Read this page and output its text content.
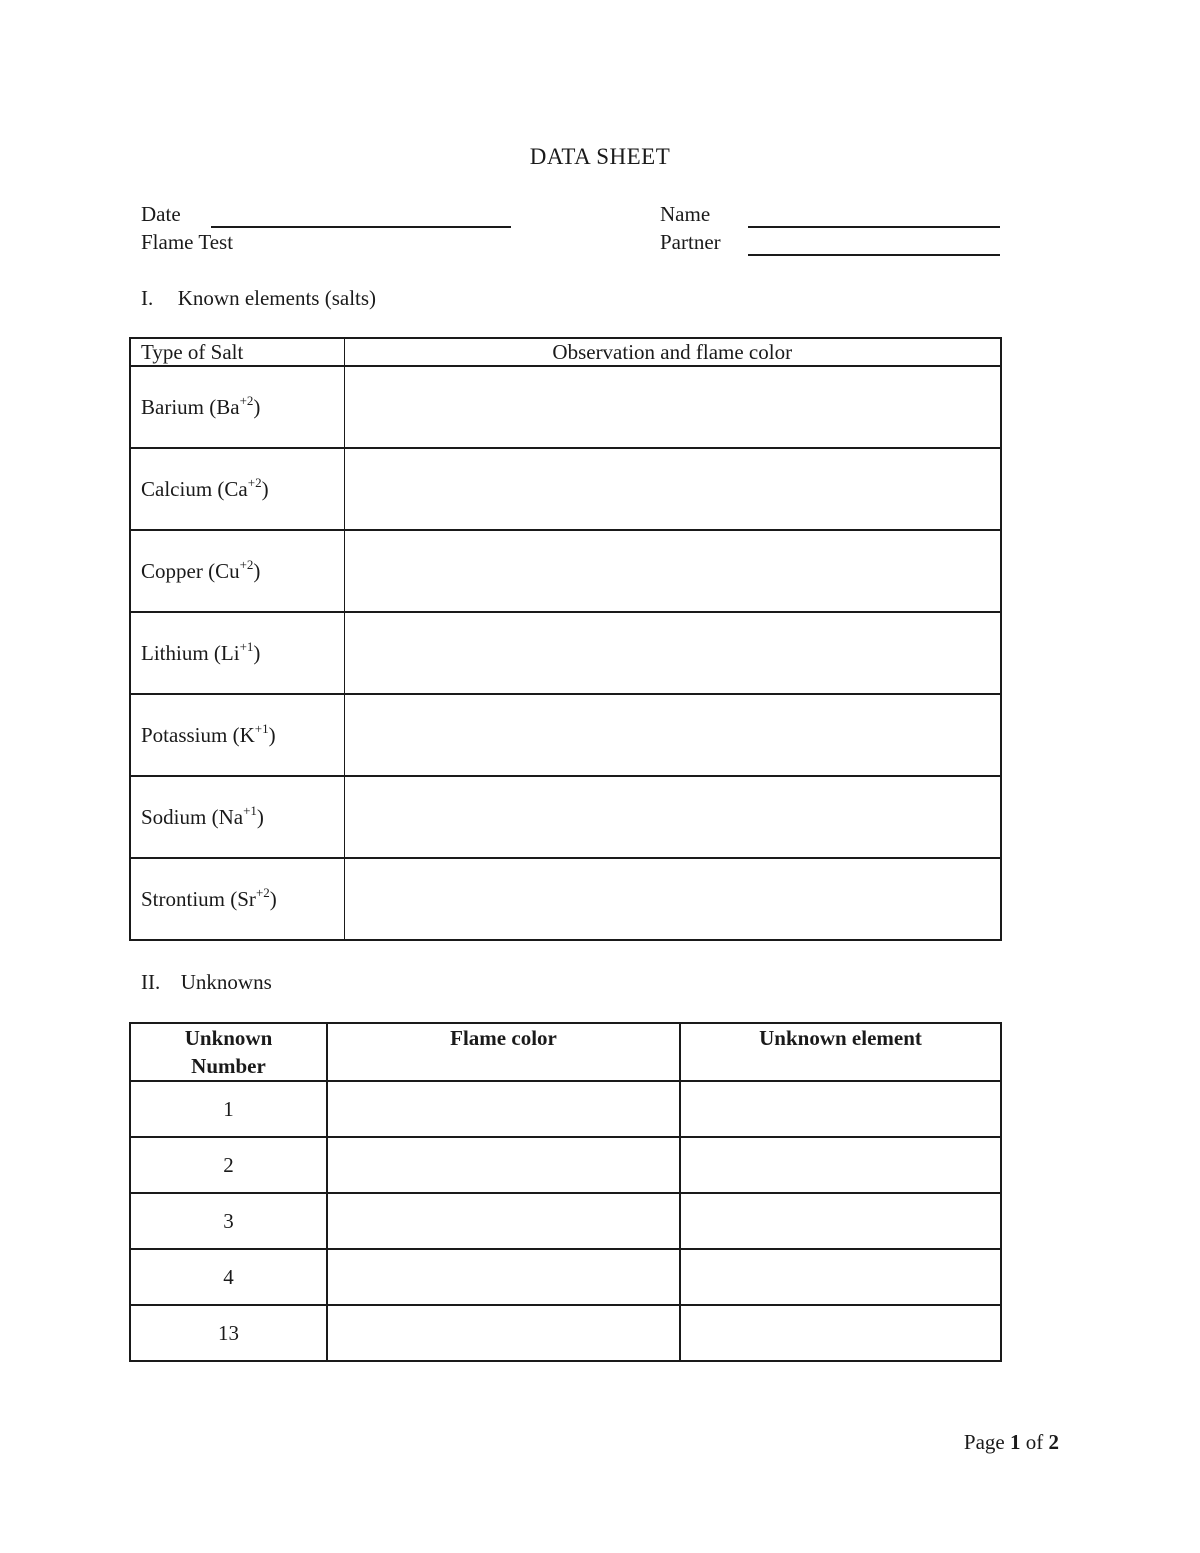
DATA SHEET
Date
Flame Test
Name
Partner
I. Known elements (salts)
Type of Salt	Observation and flame color
Barium $(Ba^{+2})$	
Calcium $(Ca^{+2})$	
Copper $(Cu^{+2})$	
Lithium $(Li^{+1})$	
Potassium $(K^{+1})$	
Sodium $(Na^{+1})$	
Strontium $(Sr^{+2})$	
II. Unknowns
Unknown
Number	Flame color	Unknown element
1		
2		
3		
4		
13		
Page 1 of 2
